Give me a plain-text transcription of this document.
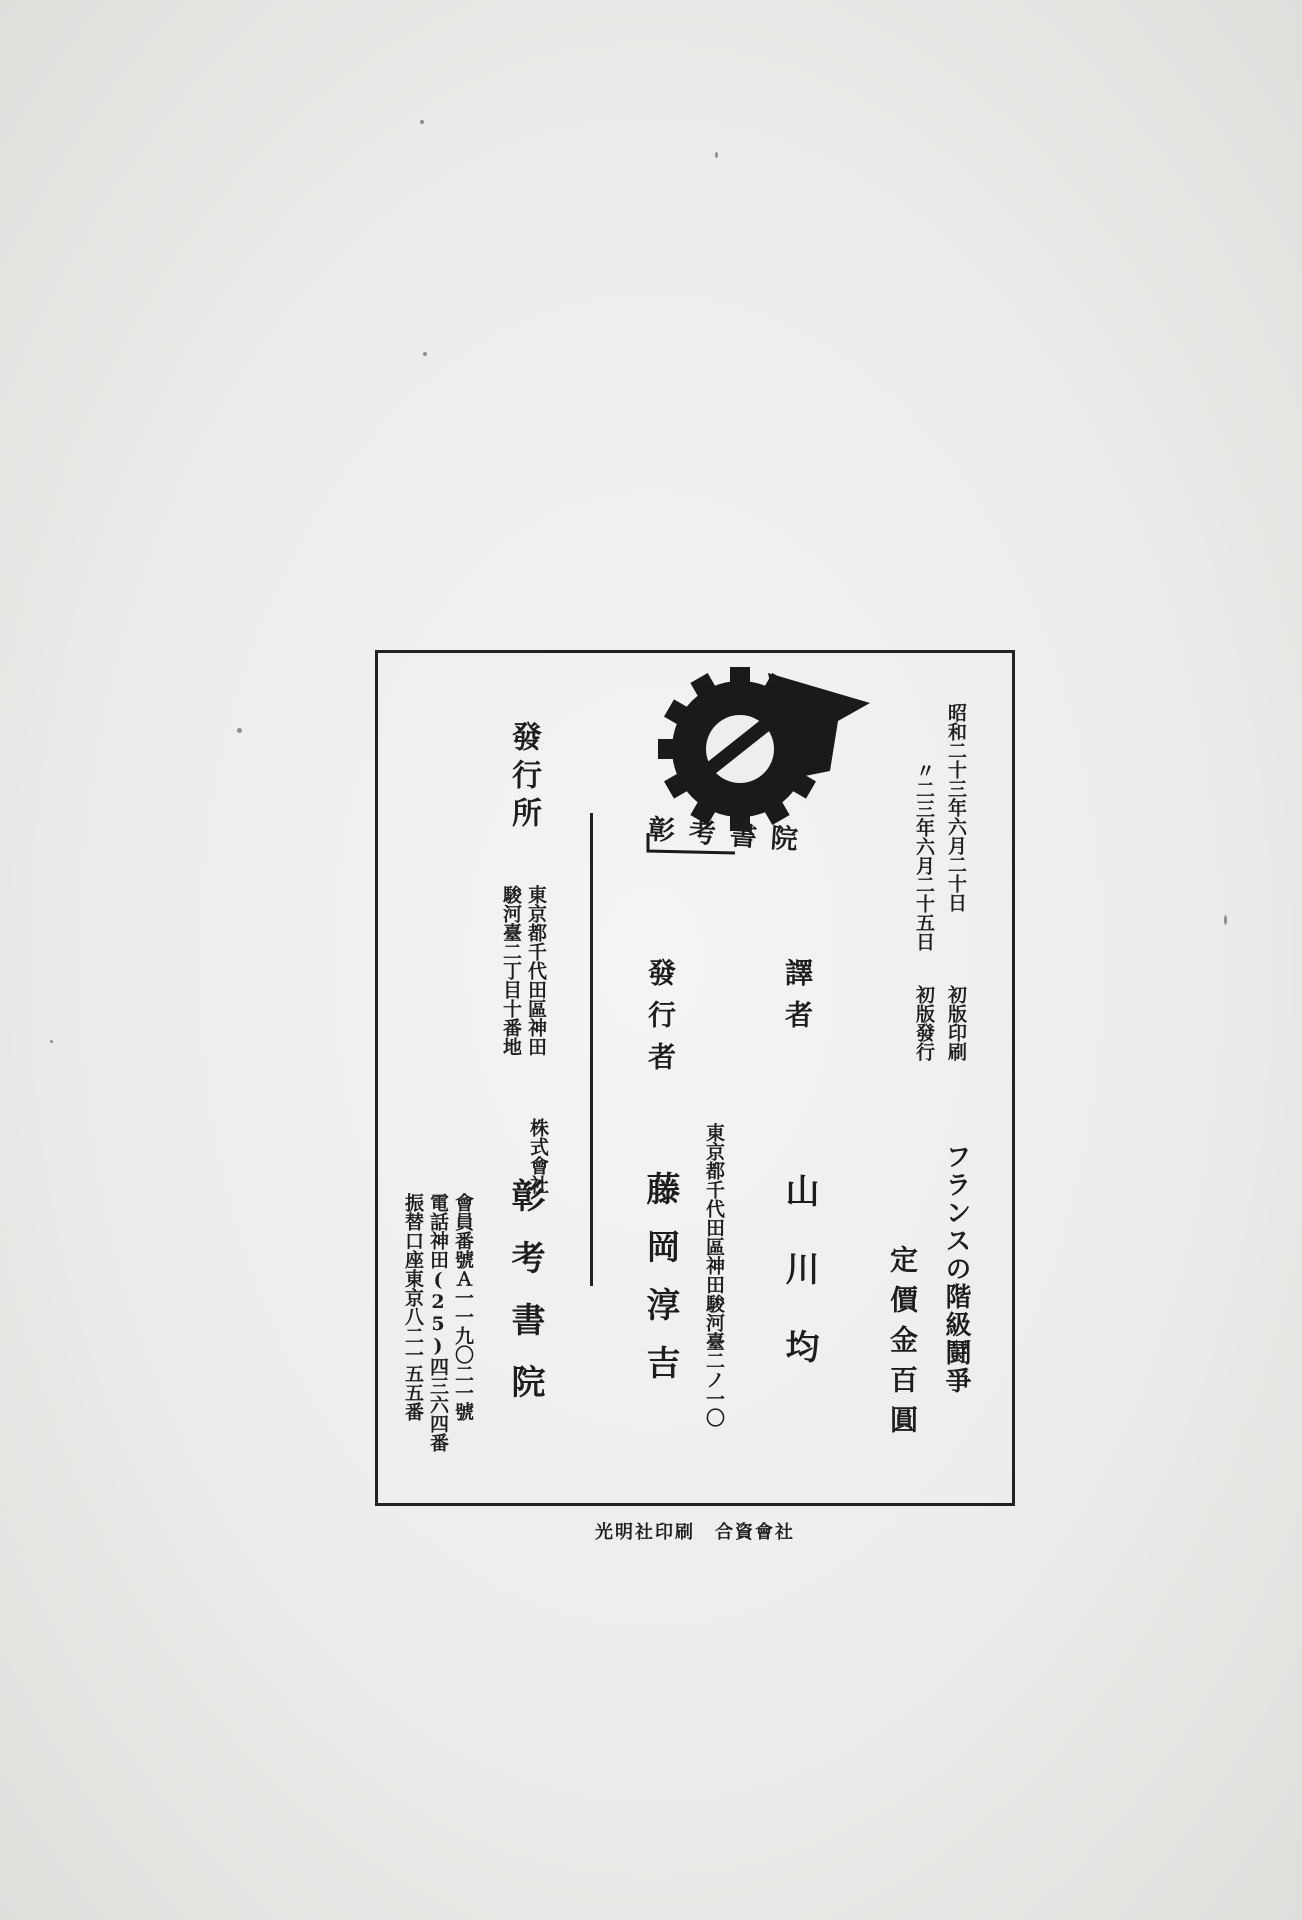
昭和二十三年六月二十日
初版印刷
〃二三年六月二十五日
初版發行
フランスの階級鬪爭
定價金百圓
譯者
山川均
東京都千代田區神田駿河臺二ノ一〇
發行者
藤岡淳吉
發行所
東京都千代田區神田
駿河臺二丁目十番地
株式會社
彰考書院
會員番號Ａ一一九〇二一號
電話神田(25)四三六四番
振替口座東京八二一五五番
彰考書院
光明社印刷　合資會社
